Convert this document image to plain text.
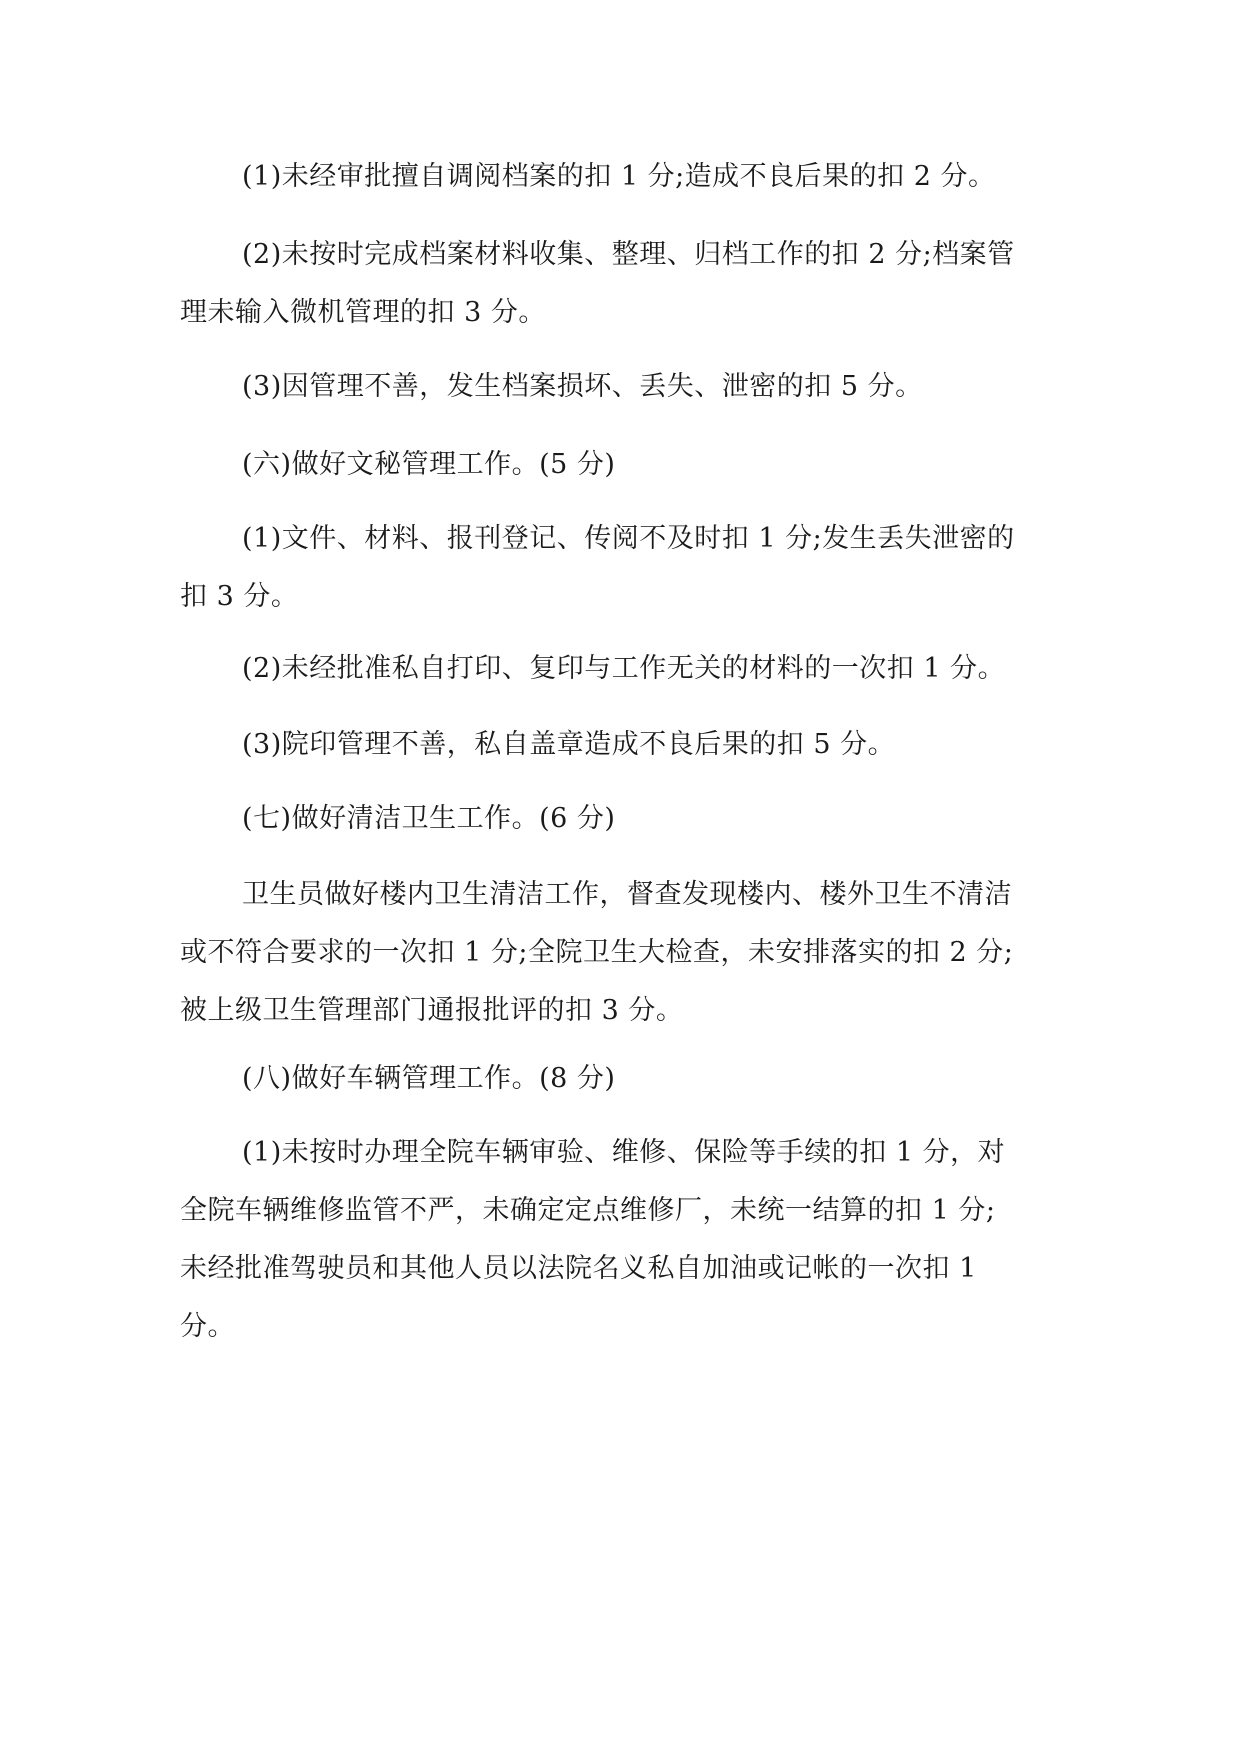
(1)未经审批擅自调阅档案的扣 1 分;造成不良后果的扣 2 分。

(2)未按时完成档案材料收集、整理、归档工作的扣 2 分;档案管
理未输入微机管理的扣 3 分。

(3)因管理不善，发生档案损坏、丢失、泄密的扣 5 分。

(六)做好文秘管理工作。(5 分)

(1)文件、材料、报刊登记、传阅不及时扣 1 分;发生丢失泄密的
扣 3 分。

(2)未经批准私自打印、复印与工作无关的材料的一次扣 1 分。

(3)院印管理不善，私自盖章造成不良后果的扣 5 分。

(七)做好清洁卫生工作。(6 分)

卫生员做好楼内卫生清洁工作，督查发现楼内、楼外卫生不清洁
或不符合要求的一次扣 1 分;全院卫生大检查，未安排落实的扣 2 分;
被上级卫生管理部门通报批评的扣 3 分。

(八)做好车辆管理工作。(8 分)

(1)未按时办理全院车辆审验、维修、保险等手续的扣 1 分，对
全院车辆维修监管不严，未确定定点维修厂，未统一结算的扣 1 分;
未经批准驾驶员和其他人员以法院名义私自加油或记帐的一次扣 1
分。
